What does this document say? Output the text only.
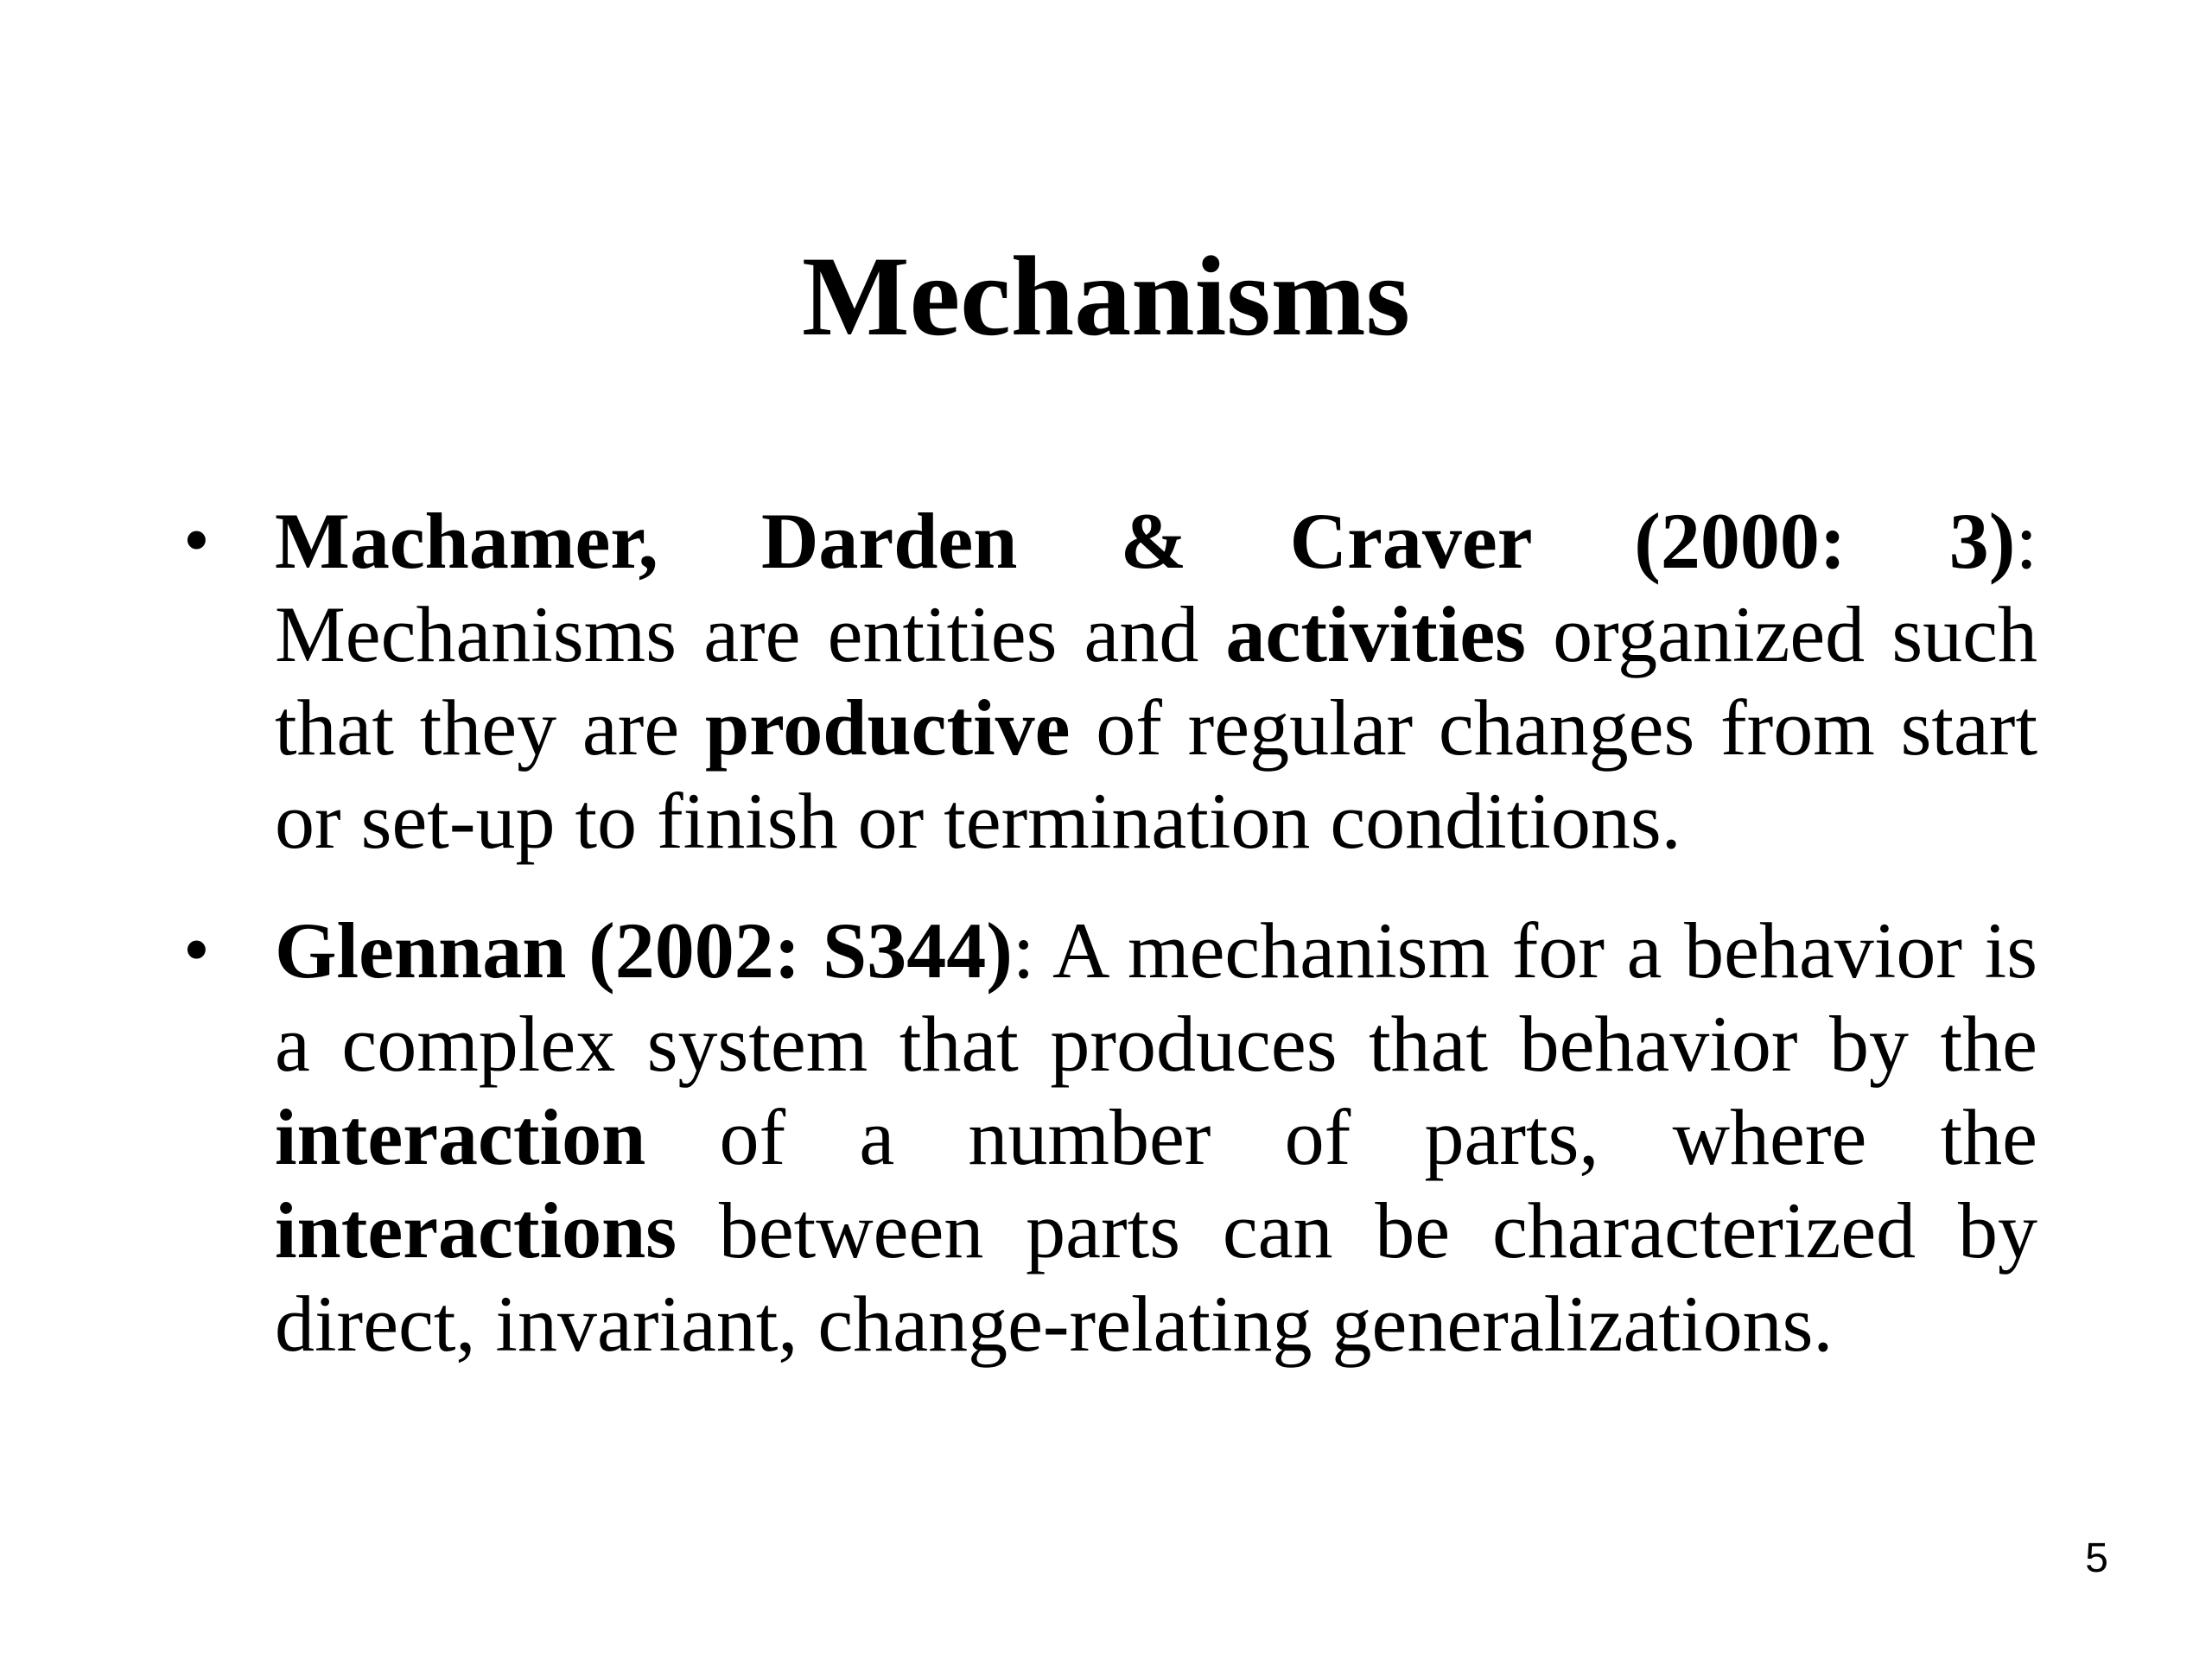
Mechanisms
• Machamer, Darden & Craver (2000: 3): Mechanisms are entities and activities organized such that they are productive of regular changes from start or set-up to finish or termination conditions.
• Glennan (2002: S344): A mechanism for a behavior is a complex system that produces that behavior by the interaction of a number of parts, where the interactions between parts can be characterized by direct, invariant, change-relating generalizations.
5
